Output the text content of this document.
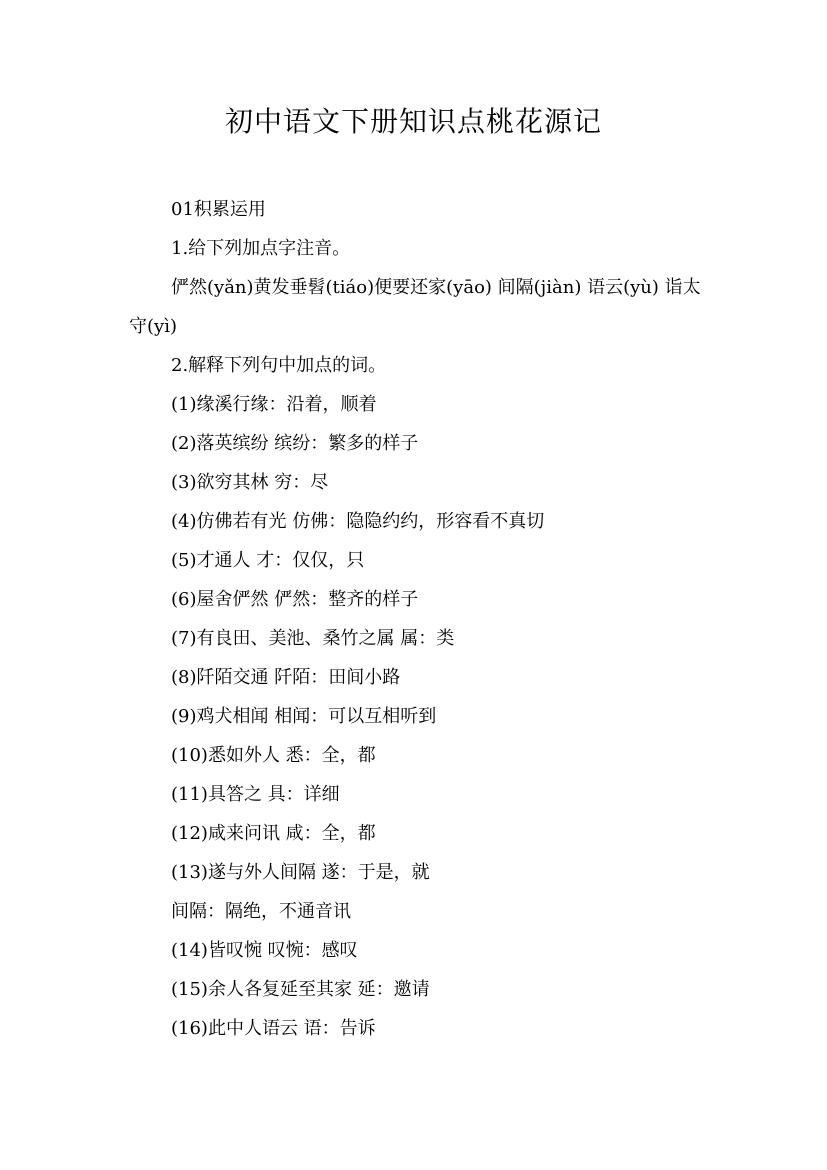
初中语文下册知识点桃花源记
01积累运用
1.给下列加点字注音。
俨然(yǎn)黄发垂髫(tiáo)便要还家(yāo) 间隔(jiàn) 语云(yù) 诣太守(yì)
2.解释下列句中加点的词。
(1)缘溪行缘：沿着，顺着
(2)落英缤纷 缤纷：繁多的样子
(3)欲穷其林 穷：尽
(4)仿佛若有光 仿佛：隐隐约约，形容看不真切
(5)才通人 才：仅仅，只
(6)屋舍俨然 俨然：整齐的样子
(7)有良田、美池、桑竹之属 属：类
(8)阡陌交通 阡陌：田间小路
(9)鸡犬相闻 相闻：可以互相听到
(10)悉如外人 悉：全，都
(11)具答之 具：详细
(12)咸来问讯 咸：全，都
(13)遂与外人间隔 遂：于是，就
间隔：隔绝，不通音讯
(14)皆叹惋 叹惋：感叹
(15)余人各复延至其家 延：邀请
(16)此中人语云 语：告诉
